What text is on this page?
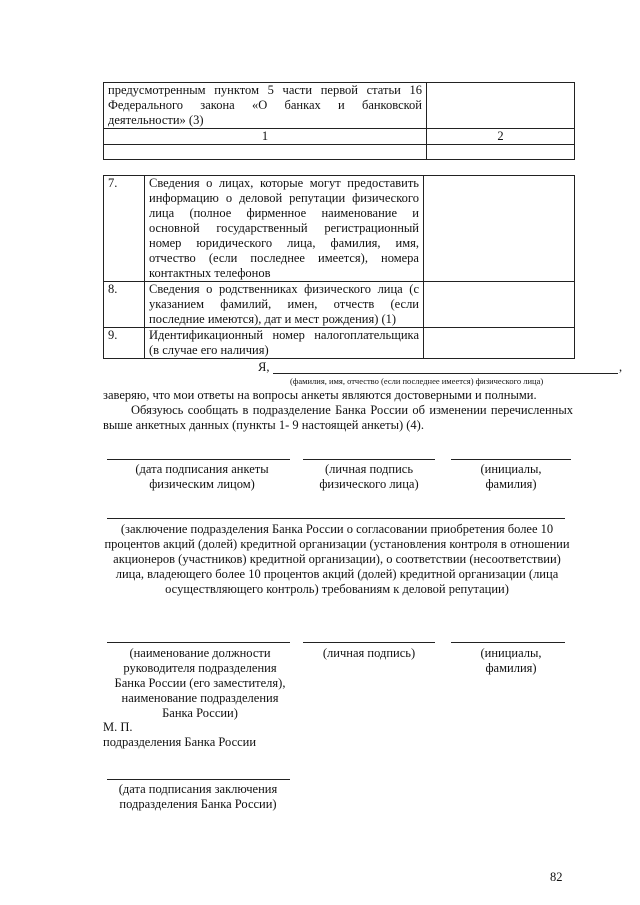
предусмотренным пунктом 5 части первой статьи 16 Федерального закона «О банках и банковской деятельности» (3)	

1	2

7.	Сведения о лицах, которые могут предоставить информацию о деловой репутации физического лица (полное фирменное наименование и основной государственный регистрационный номер юридического лица, фамилия, имя, отчество (если последнее имеется), номера контактных телефонов	
8.	Сведения о родственниках физического лица (с указанием фамилий, имен, отчеств (если последние имеются), дат и мест рождения) (1)	
9.	Идентификационный номер налогоплательщика (в случае его наличия)	
Я,	,
(фамилия, имя, отчество (если последнее имеется) физического лица)
заверяю, что мои ответы на вопросы анкеты являются достоверными и полными.
Обязуюсь сообщать в подразделение Банка России об изменении перечисленных выше анкетных данных (пункты 1- 9 настоящей анкеты) (4).
(дата подписания анкеты физическим лицом)
(личная подпись физического лица)
(инициалы, фамилия)
(заключение подразделения Банка России о согласовании приобретения более 10 процентов акций (долей) кредитной организации (установления контроля в отношении акционеров (участников) кредитной организации), о соответствии (несоответствии) лица, владеющего более 10 процентов акций (долей) кредитной организации (лица осуществляющего контроль) требованиям к деловой репутации)
(наименование должности руководителя подразделения Банка России (его заместителя), наименование подразделения Банка России)
(личная подпись)	(инициалы, фамилия)
М. П.
подразделения Банка России
(дата подписания заключения подразделения Банка России)
82
